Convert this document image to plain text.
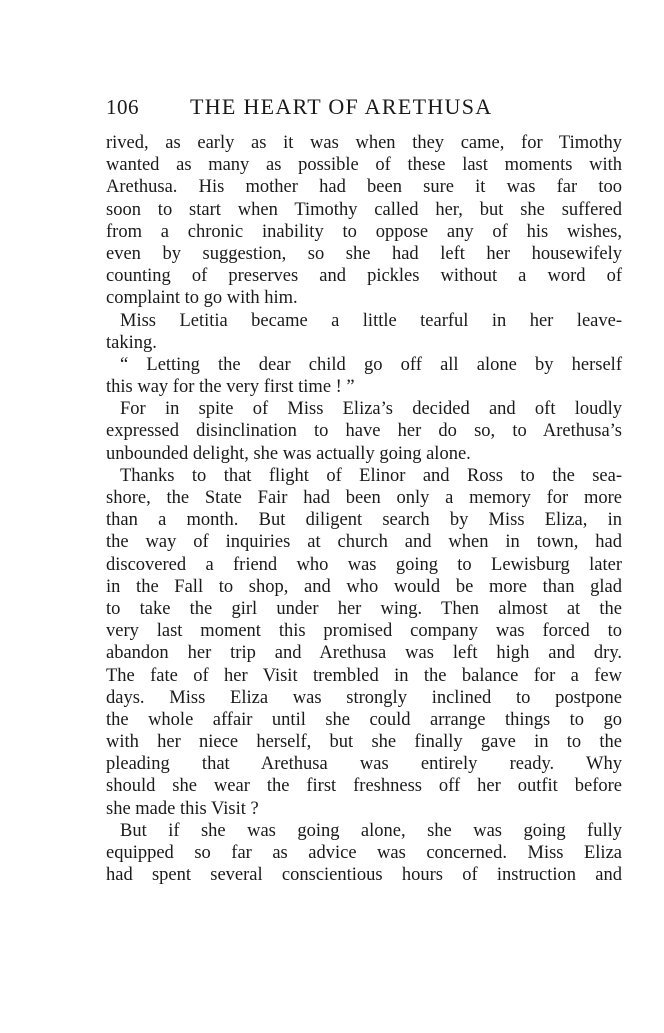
106 THE HEART OF ARETHUSA
rived, as early as it was when they came, for Timothy
wanted as many as possible of these last moments with
Arethusa. His mother had been sure it was far too
soon to start when Timothy called her, but she suffered
from a chronic inability to oppose any of his wishes,
even by suggestion, so she had left her housewifely
counting of preserves and pickles without a word of
complaint to go with him.
Miss Letitia became a little tearful in her leave-
taking.
“ Letting the dear child go off all alone by herself
this way for the very first time ! ”
For in spite of Miss Eliza’s decided and oft loudly
expressed disinclination to have her do so, to Arethusa’s
unbounded delight, she was actually going alone.
Thanks to that flight of Elinor and Ross to the sea-
shore, the State Fair had been only a memory for more
than a month. But diligent search by Miss Eliza, in
the way of inquiries at church and when in town, had
discovered a friend who was going to Lewisburg later
in the Fall to shop, and who would be more than glad
to take the girl under her wing. Then almost at the
very last moment this promised company was forced to
abandon her trip and Arethusa was left high and dry.
The fate of her Visit trembled in the balance for a few
days. Miss Eliza was strongly inclined to postpone
the whole affair until she could arrange things to go
with her niece herself, but she finally gave in to the
pleading that Arethusa was entirely ready. Why
should she wear the first freshness off her outfit before
she made this Visit ?
But if she was going alone, she was going fully
equipped so far as advice was concerned. Miss Eliza
had spent several conscientious hours of instruction and
